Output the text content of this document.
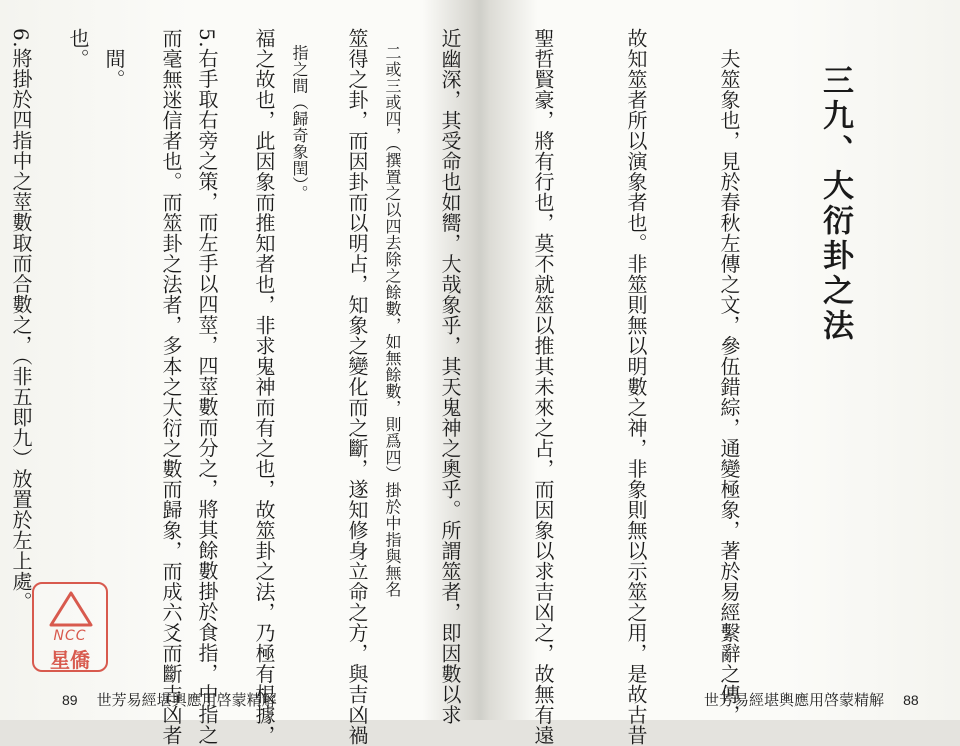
三九、大衍卦之法

　夫筮象也，見於春秋左傳之文，參伍錯綜，通變極象，著於易經繫辭之傳，

故知筮者所以演象者也。非筮則無以明數之神，非象則無以示筮之用，是故古昔

聖哲賢豪，將有行也，莫不就筮以推其未來之占，而因象以求吉凶之，故無有遠

近幽深，其受命也如嚮，大哉象乎，其天鬼神之奧乎。所謂筮者，即因數以求

筮得之卦，而因卦而以明占，知象之變化而之斷，遂知修身立命之方，與吉凶禍

福之故也，此因象而推知者也，非求鬼神而有之也，故筮卦之法，乃極有根據，

而毫無迷信者也。而筮卦之法者，多本之大衍之數而歸象，而成六爻而斷吉凶者

也。

	　二或三或四，（撰置之以四去除之餘數，如無餘數，則爲四）掛於中指與無名

　指之間（歸奇象閏）。

5.右手取右旁之策，而左手以四莖，四莖數而分之，將其餘數掛於食指，中指之

　間。

6.將掛於四指中之莖數取而合數之，（非五即九）放置於左上處。

89 世芳易經堪輿應用啓蒙精解	世芳易經堪輿應用啓蒙精解 88
NCC
星僑
